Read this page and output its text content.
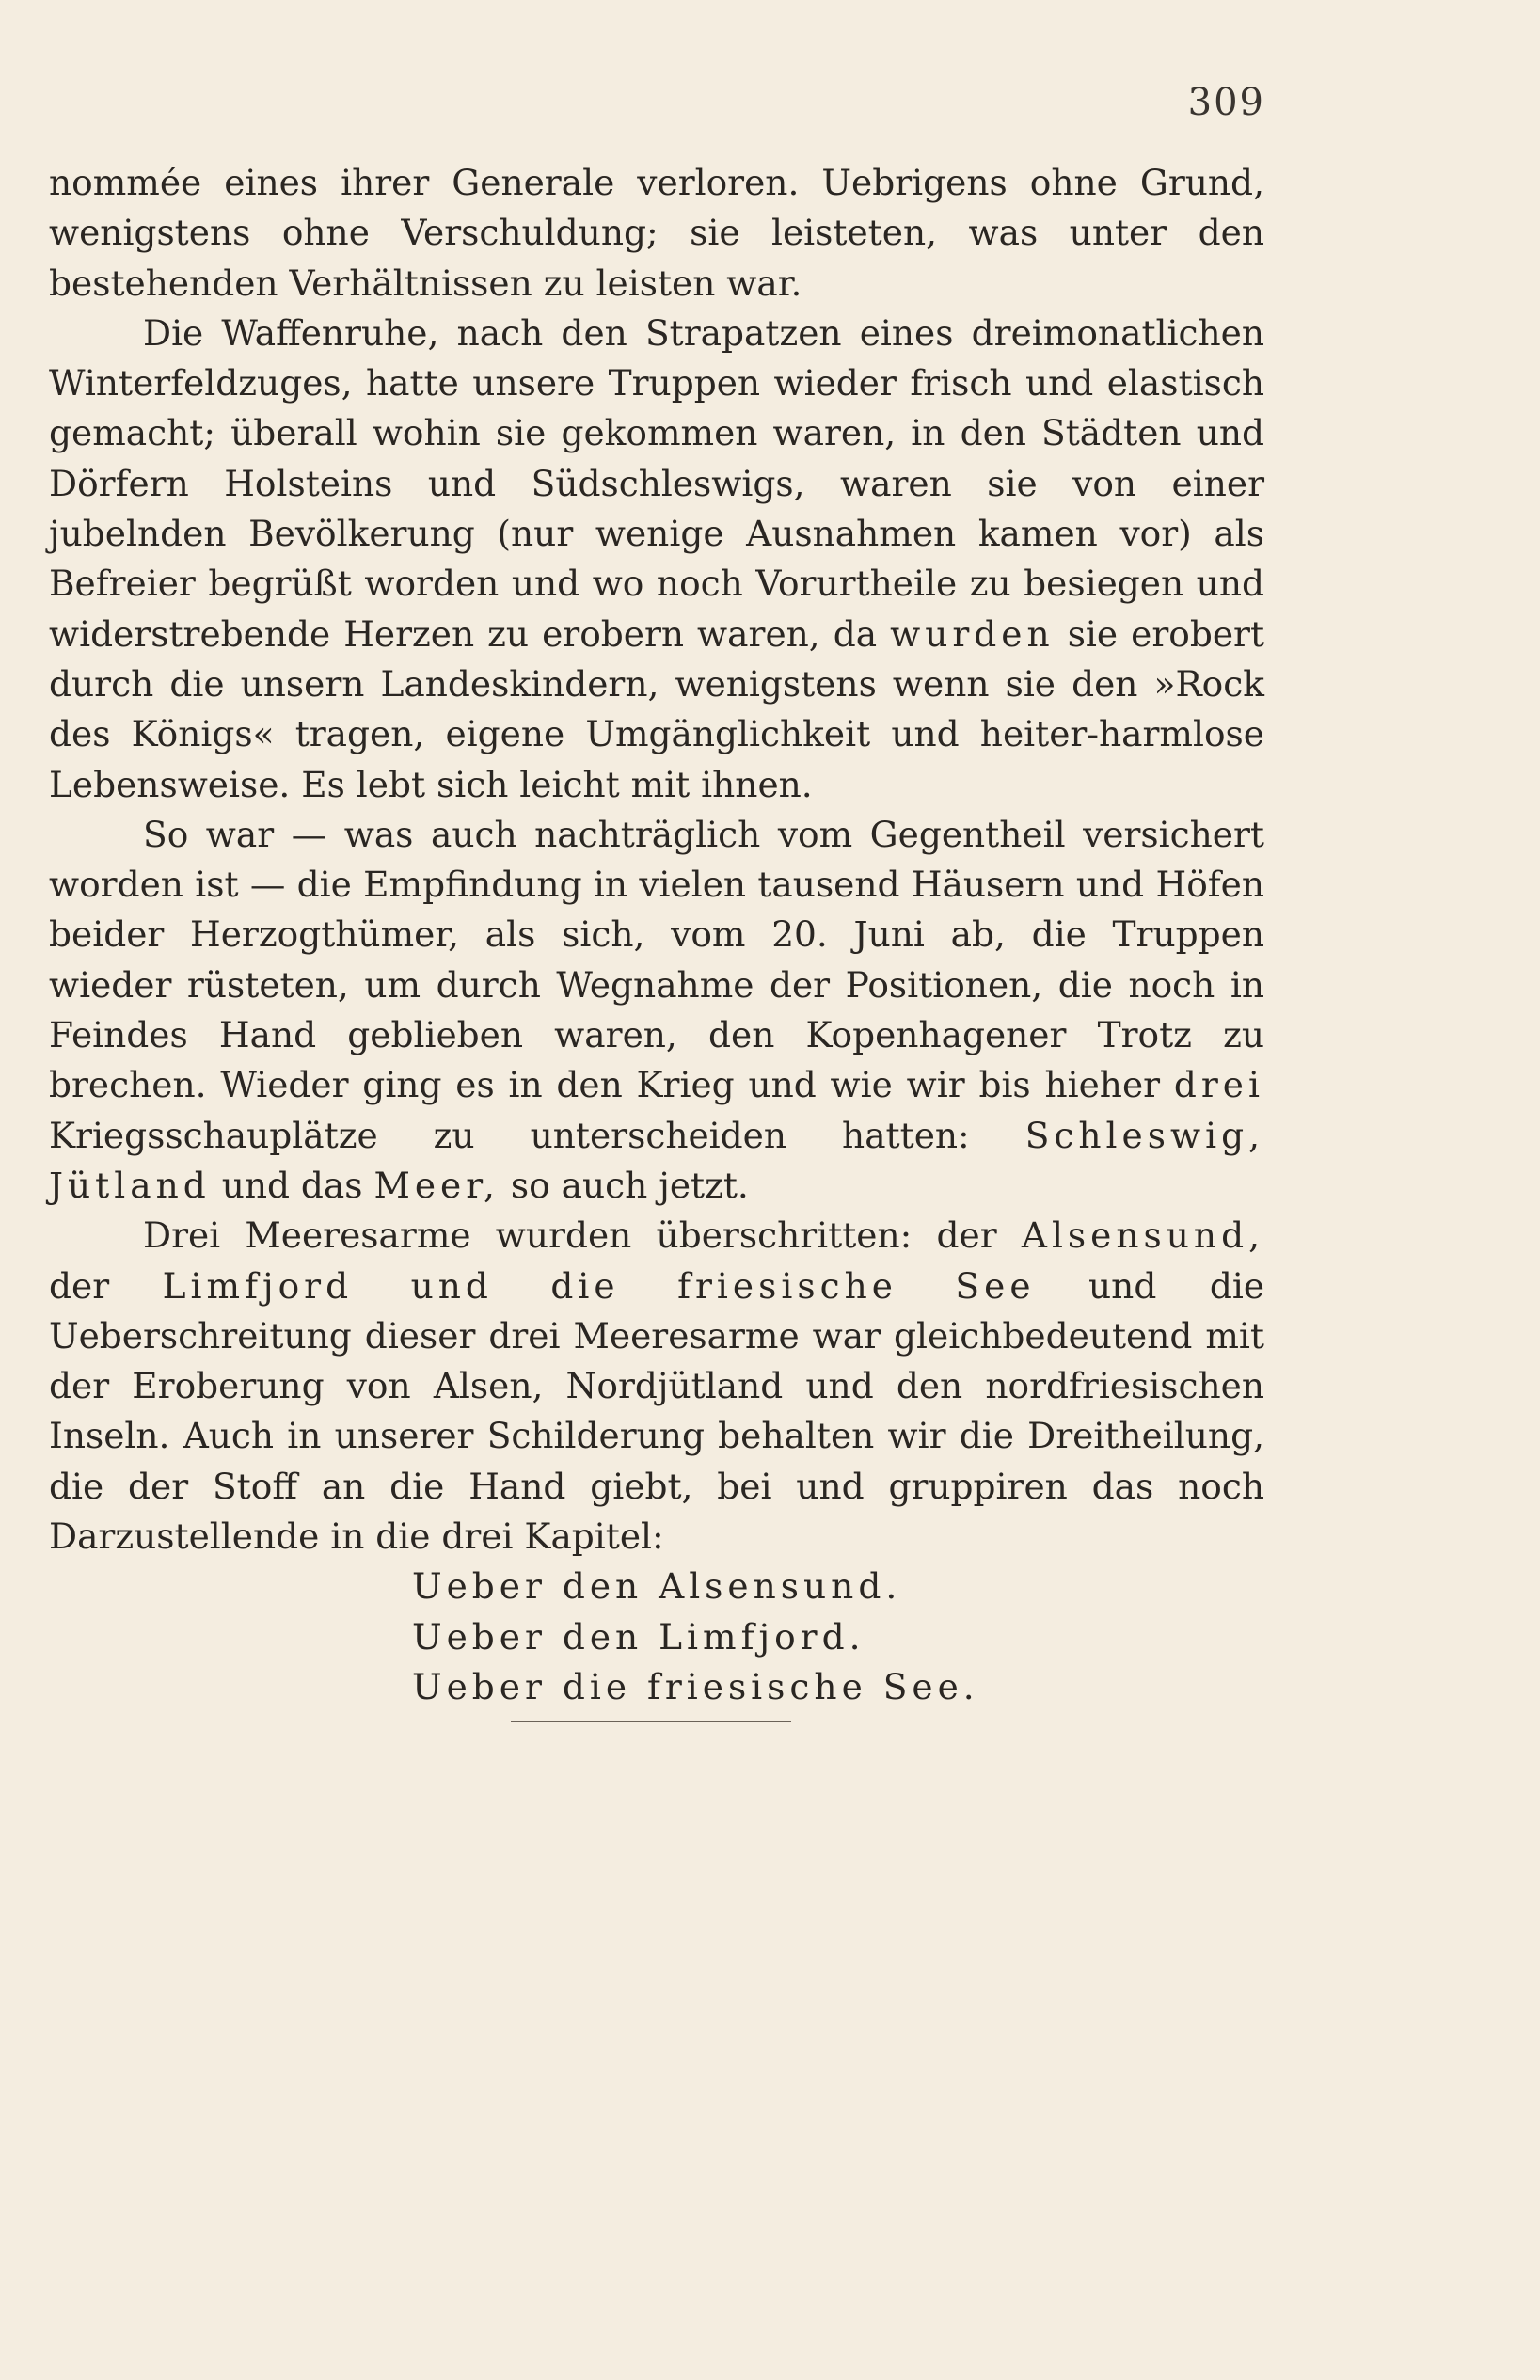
309

nommée eines ihrer Generale verloren. Uebrigens ohne Grund, wenigstens ohne Verschuldung; sie leisteten, was unter den bestehenden Verhältnissen zu leisten war.

Die Waffenruhe, nach den Strapatzen eines dreimonatlichen Winterfeldzuges, hatte unsere Truppen wieder frisch und elastisch gemacht; überall wohin sie gekommen waren, in den Städten und Dörfern Holsteins und Südschleswigs, waren sie von einer jubelnden Bevölkerung (nur wenige Ausnahmen kamen vor) als Befreier begrüßt worden und wo noch Vorurtheile zu besiegen und widerstrebende Herzen zu erobern waren, da wurden sie erobert durch die unsern Landeskindern, wenigstens wenn sie den »Rock des Königs« tragen, eigene Umgänglichkeit und heiter-harmlose Lebensweise. Es lebt sich leicht mit ihnen.

So war — was auch nachträglich vom Gegentheil versichert worden ist — die Empfindung in vielen tausend Häusern und Höfen beider Herzogthümer, als sich, vom 20. Juni ab, die Truppen wieder rüsteten, um durch Wegnahme der Positionen, die noch in Feindes Hand geblieben waren, den Kopenhagener Trotz zu brechen. Wieder ging es in den Krieg und wie wir bis hieher drei Kriegsschauplätze zu unterscheiden hatten: Schleswig, Jütland und das Meer, so auch jetzt.

Drei Meeresarme wurden überschritten: der Alsensund, der Limfjord und die friesische See und die Ueberschreitung dieser drei Meeresarme war gleichbedeutend mit der Eroberung von Alsen, Nordjütland und den nordfriesischen Inseln. Auch in unserer Schilderung behalten wir die Dreitheilung, die der Stoff an die Hand giebt, bei und gruppiren das noch Darzustellende in die drei Kapitel:

Ueber den Alsensund.
Ueber den Limfjord.
Ueber die friesische See.
